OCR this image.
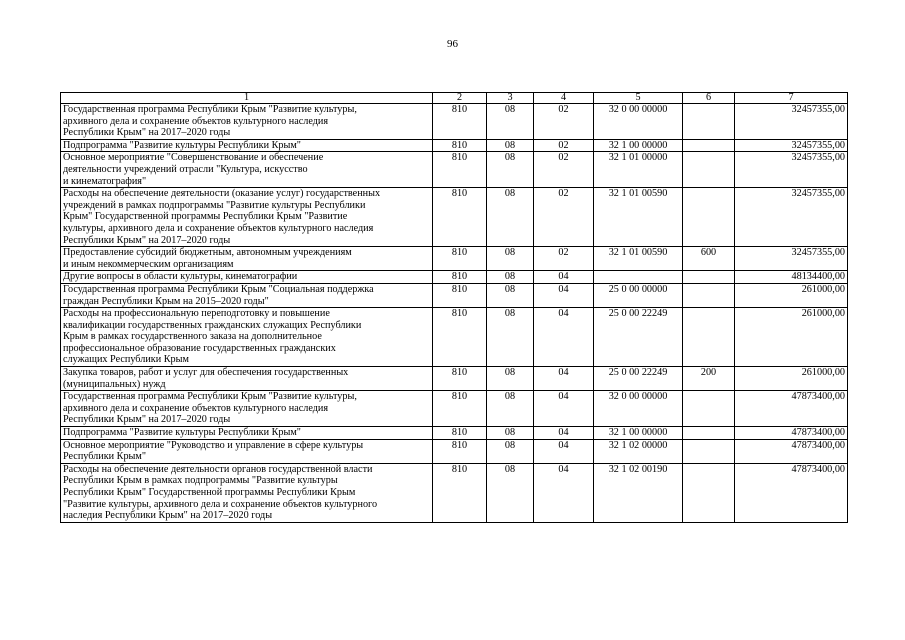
96
1	2	3	4	5	6	7
Государственная программа Республики Крым "Развитие культуры,
архивного дела и сохранение объектов культурного наследия
Республики Крым" на 2017–2020 годы	810	08	02	32 0 00 00000		32457355,00
Подпрограмма "Развитие культуры Республики Крым"	810	08	02	32 1 00 00000		32457355,00
Основное мероприятие "Совершенствование и обеспечение
деятельности учреждений отрасли "Культура, искусство
и кинематография"	810	08	02	32 1 01 00000		32457355,00
Расходы на обеспечение деятельности (оказание услуг) государственных
учреждений в рамках подпрограммы "Развитие культуры Республики
Крым" Государственной программы Республики Крым "Развитие
культуры, архивного дела и сохранение объектов культурного наследия
Республики Крым" на 2017–2020 годы	810	08	02	32 1 01 00590		32457355,00
Предоставление субсидий бюджетным, автономным учреждениям
и иным некоммерческим организациям	810	08	02	32 1 01 00590	600	32457355,00
Другие вопросы в области культуры, кинематографии	810	08	04			48134400,00
Государственная программа Республики Крым "Социальная поддержка
граждан Республики Крым на 2015–2020 годы"	810	08	04	25 0 00 00000		261000,00
Расходы на профессиональную переподготовку и повышение
квалификации государственных гражданских служащих Республики
Крым в рамках государственного заказа на дополнительное
профессиональное образование государственных гражданских
служащих Республики Крым	810	08	04	25 0 00 22249		261000,00
Закупка товаров, работ и услуг для обеспечения государственных
(муниципальных) нужд	810	08	04	25 0 00 22249	200	261000,00
Государственная программа Республики Крым "Развитие культуры,
архивного дела и сохранение объектов культурного наследия
Республики Крым" на 2017–2020 годы	810	08	04	32 0 00 00000		47873400,00
Подпрограмма "Развитие культуры Республики Крым"	810	08	04	32 1 00 00000		47873400,00
Основное мероприятие "Руководство и управление в сфере культуры
Республики Крым"	810	08	04	32 1 02 00000		47873400,00
Расходы на обеспечение деятельности органов государственной власти
Республики Крым в рамках подпрограммы "Развитие культуры
Республики Крым" Государственной программы Республики Крым
"Развитие культуры, архивного дела и сохранение объектов культурного
наследия Республики Крым" на 2017–2020 годы	810	08	04	32 1 02 00190		47873400,00
